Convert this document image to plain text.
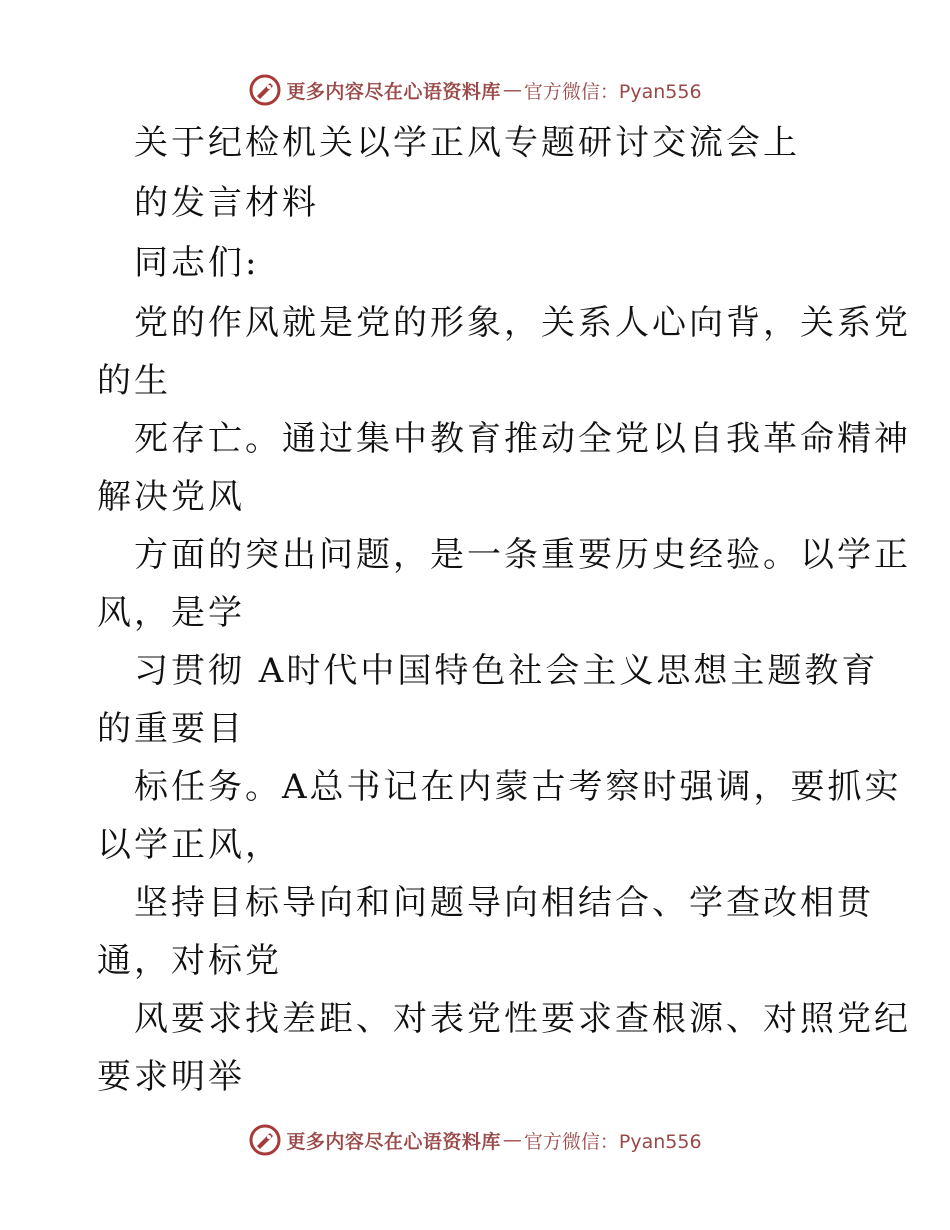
更多内容尽在心语资料库 — 官方微信：Pyan556
关于纪检机关以学正风专题研讨交流会上
的发言材料
同志们:
党的作风就是党的形象，关系人心向背，关系党
的生
死存亡。通过集中教育推动全党以自我革命精神
解决党风
方面的突出问题，是一条重要历史经验。以学正
风，是学
习贯彻 A时代中国特色社会主义思想主题教育
的重要目
标任务。A总书记在内蒙古考察时强调，要抓实
以学正风，
坚持目标导向和问题导向相结合、学查改相贯
通，对标党
风要求找差距、对表党性要求查根源、对照党纪
要求明举
更多内容尽在心语资料库 — 官方微信：Pyan556
